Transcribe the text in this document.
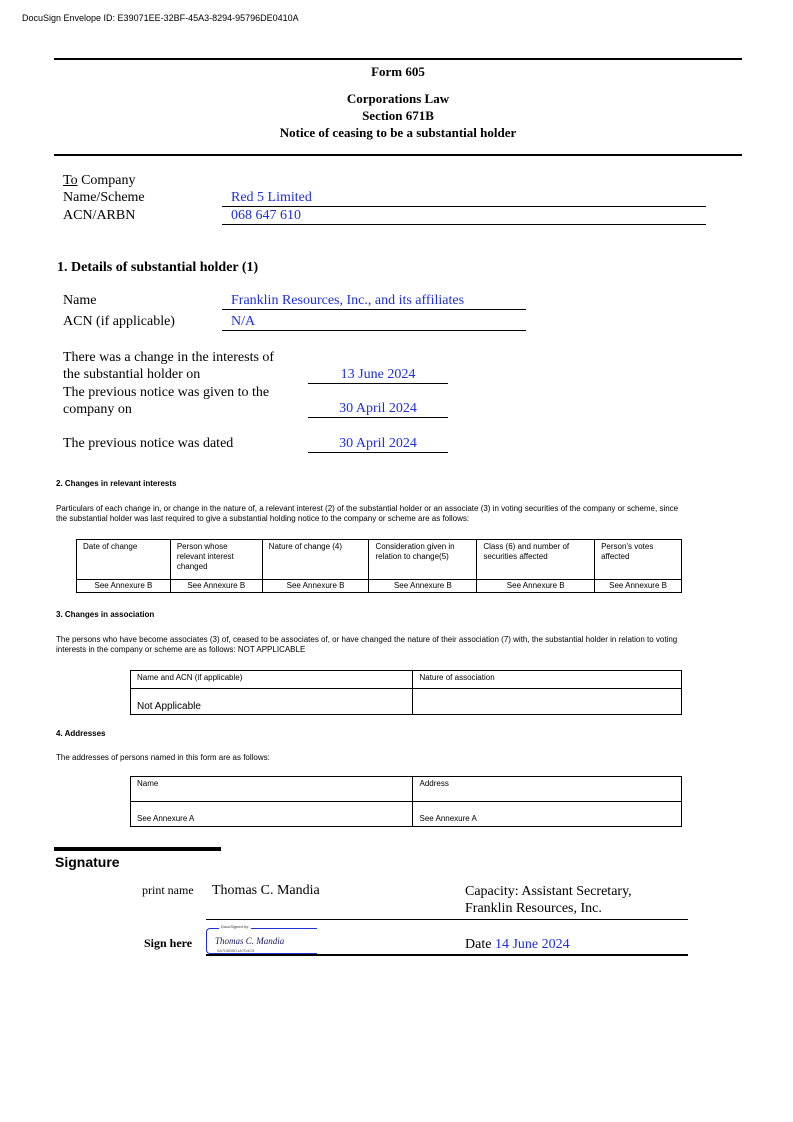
DocuSign Envelope ID: E39071EE-32BF-45A3-8294-95796DE0410A
Form 605
Corporations Law
Section 671B
Notice of ceasing to be a substantial holder
To Company
Name/Scheme	Red 5 Limited
ACN/ARBN	068 647 610
1. Details of substantial holder (1)
Name	Franklin Resources, Inc., and its affiliates
ACN (if applicable)	N/A
There was a change in the interests of
the substantial holder on	13 June 2024
The previous notice was given to the
company on	30 April 2024
The previous notice was dated	30 April 2024
2. Changes in relevant interests
Particulars of each change in, or change in the nature of, a relevant interest (2) of the substantial holder or an associate (3) in voting securities of the company or scheme, since
the substantial holder was last required to give a substantial holding notice to the company or scheme are as follows:
Date of change	Person whose relevant interest changed	Nature of change (4)	Consideration given in relation to change(5)	Class (6) and number of securities affected	Person's votes affected
See Annexure B	See Annexure B	See Annexure B	See Annexure B	See Annexure B	See Annexure B
3. Changes in association
The persons who have become associates (3) of, ceased to be associates of, or have changed the nature of their association (7) with, the substantial holder in relation to voting
interests in the company or scheme are as follows: NOT APPLICABLE
Name and ACN (if applicable)	Nature of association
Not Applicable	
4. Addresses
The addresses of persons named in this form are as follows:
Name	Address
See Annexure A	See Annexure A
Signature
print name Thomas C. Mandia	Capacity: Assistant Secretary,
Franklin Resources, Inc.
Sign here
DocuSigned by:
Thomas C. Mandia
0A7D6B5D1A7D4C5	Date 14 June 2024
